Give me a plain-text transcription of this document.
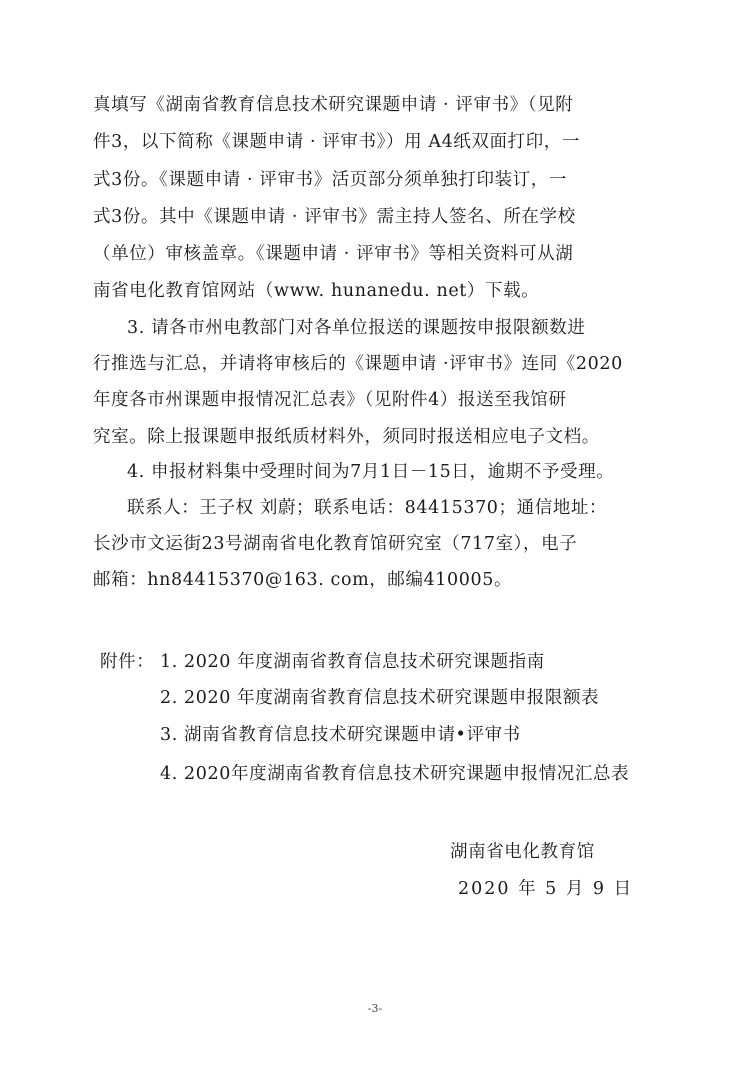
真填写《湖南省教育信息技术研究课题申请 · 评审书》（见附
件3，以下简称《课题申请 · 评审书》）用 A4纸双面打印，一
式3份。《课题申请 · 评审书》活页部分须单独打印装订，一
式3份。其中《课题申请 · 评审书》需主持人签名、所在学校
（单位）审核盖章。《课题申请 · 评审书》等相关资料可从湖
南省电化教育馆网站（www. hunanedu. net）下载。
3. 请各市州电教部门对各单位报送的课题按申报限额数进
行推选与汇总，并请将审核后的《课题申请 ·评审书》连同《2020
年度各市州课题申报情况汇总表》（见附件4）报送至我馆研
究室。除上报课题申报纸质材料外，须同时报送相应电子文档。
4. 申报材料集中受理时间为7月1日－15日，逾期不予受理。
联系人：王子权 刘蔚；联系电话：84415370；通信地址：
长沙市文运街23号湖南省电化教育馆研究室（717室），电子
邮箱：hn84415370@163. com，邮编410005。
附件： 1. 2020 年度湖南省教育信息技术研究课题指南
2. 2020 年度湖南省教育信息技术研究课题申报限额表
3. 湖南省教育信息技术研究课题申请•评审书
4. 2020年度湖南省教育信息技术研究课题申报情况汇总表
湖南省电化教育馆
2020 年 5 月 9 日
-3-
